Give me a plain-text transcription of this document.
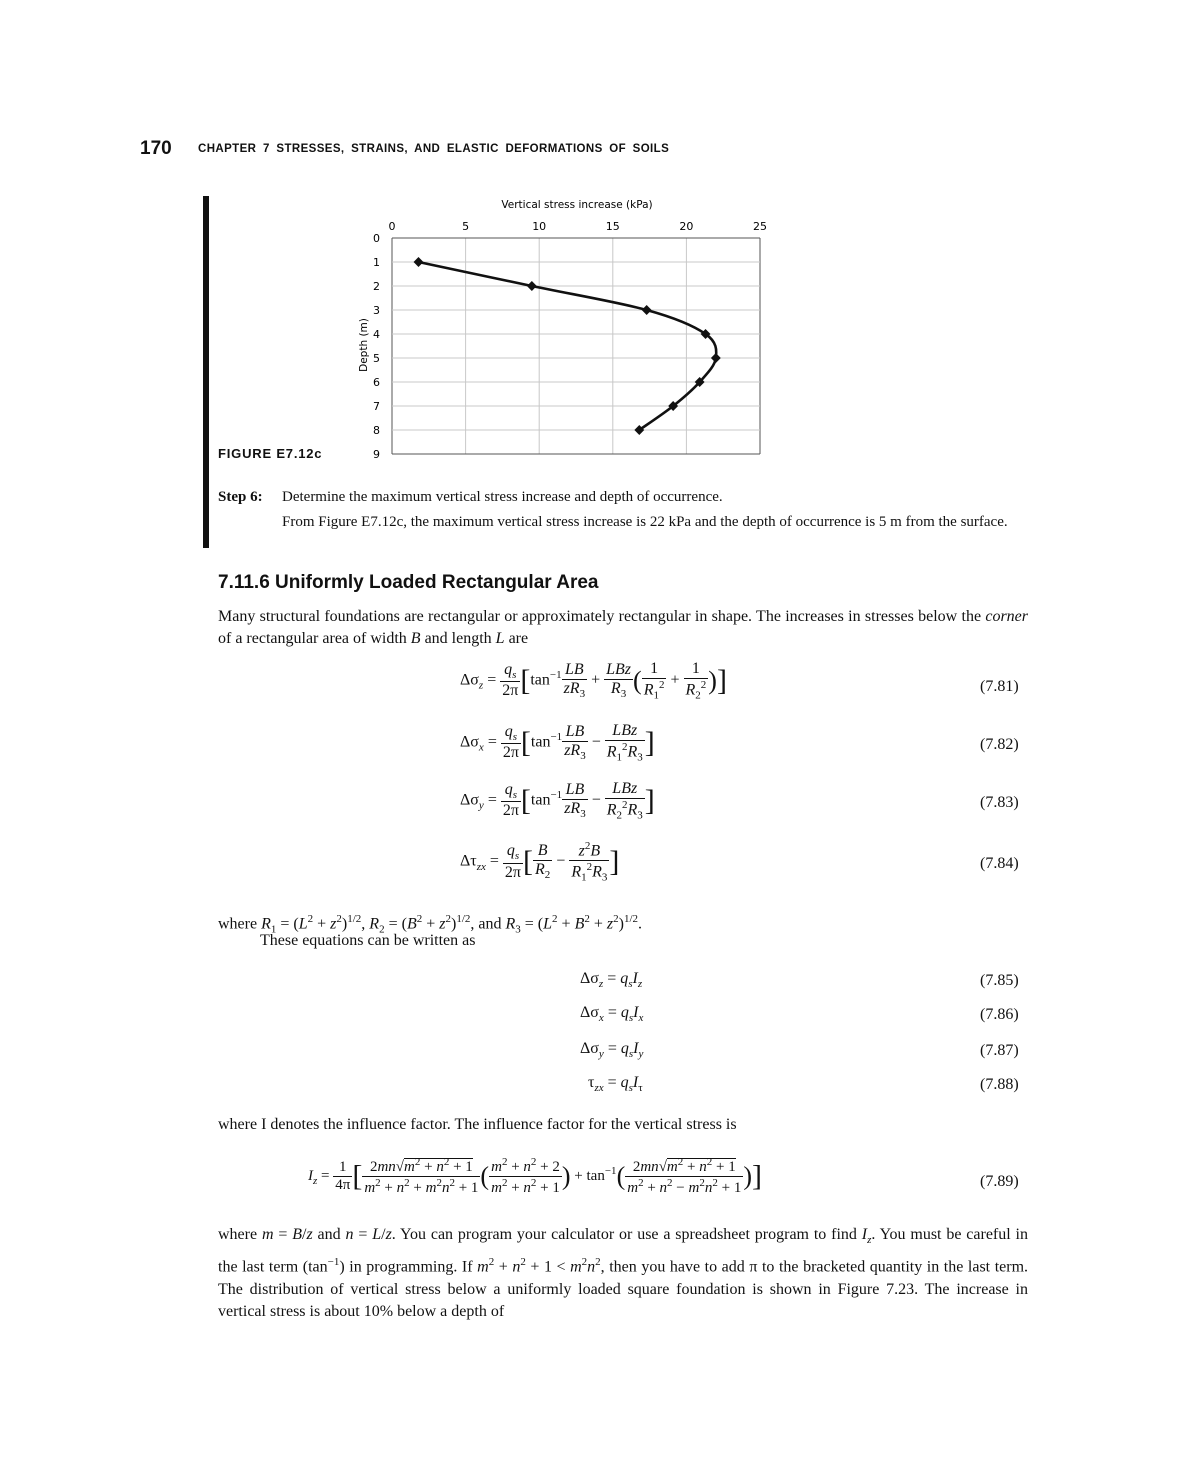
170 CHAPTER 7 STRESSES, STRAINS, AND ELASTIC DEFORMATIONS OF SOILS
FIGURE E7.12c
Vertical stress increase (kPa)
Depth (m)
0	5	10	15	20	25
0
1
2
3
4
5
6
7
8
9
Step 6: Determine the maximum vertical stress increase and depth of occurrence.
From Figure E7.12c, the maximum vertical stress increase is 22 kPa and the depth of occurrence is 5 m from the surface.
7.11.6 Uniformly Loaded Rectangular Area
Many structural foundations are rectangular or approximately rectangular in shape. The increases in stresses below the corner of a rectangular area of width B and length L are
$\Delta\sigma_z = \frac{q_s}{2\pi} [\tan^{-1} \frac{LB}{zR_3} + \frac{\text{LBz}}{R_3}$ ( $\frac{1}{R_1^2} + \frac{1}{R_2^2}$ )]	(7.81)
$\Delta\sigma_x = \frac{q_s}{2\pi} [\tan^{-1} \frac{LB}{zR_3} - \frac{\text{LBz}}{R_1^2R_3}$ ]	(7.82)
$\Delta\sigma_y = \frac{q_s}{2\pi} [\tan^{-1} \frac{LB}{zR_3} - \frac{\text{LBz}}{R_2^2R_3}$ ]	(7.83)
$\Delta\tau_{zx} = \frac{q_s}{2\pi}$ [ $\frac{B}{R_2} - \frac{z^2B}{R_1^2R_3}$ ]	(7.84)
where $R_1 = (L^2 + z^2)^{1/2}$, $R_2 = (B^2 + z^2)^{1/2}$, and $R_3 = (L^2 + B^2 + z^2)^{1/2}$.
These equations can be written as
$\Delta\sigma_z = q_sI_z$	(7.85)
$\Delta\sigma_x = q_sI_x$	(7.86)
$\Delta\sigma_y = q_sI_y$	(7.87)
$\tau_{zx} = q_sI_\tau$	(7.88)
where I denotes the influence factor. The influence factor for the vertical stress is
$I_z = \frac{1}{4\pi}$ [ $\frac{2mn√m^2 + n^2 + 1}{m^2 + n^2 + m^2n^2 + 1}$ ( $\frac{m^2 + n^2 + 2}{m^2 + n^2 + 1}$ ) + $\tan^{-1}( \frac{2mn√m^2 + n^2 + 1}{m^2 + n^2 - m^2n^2 + 1}$ )]	(7.89)
where m = B/z and n = L/z. You can program your calculator or use a spreadsheet program to find $I_z$. You must be careful in the last term $(\tan^{-1})$ in programming. If $m^2 + n^2 + 1 < m^2n^2$, then you have to add π to the bracketed quantity in the last term. The distribution of vertical stress below a uniformly loaded square foundation is shown in Figure 7.23. The increase in vertical stress is about 10% below a depth of
